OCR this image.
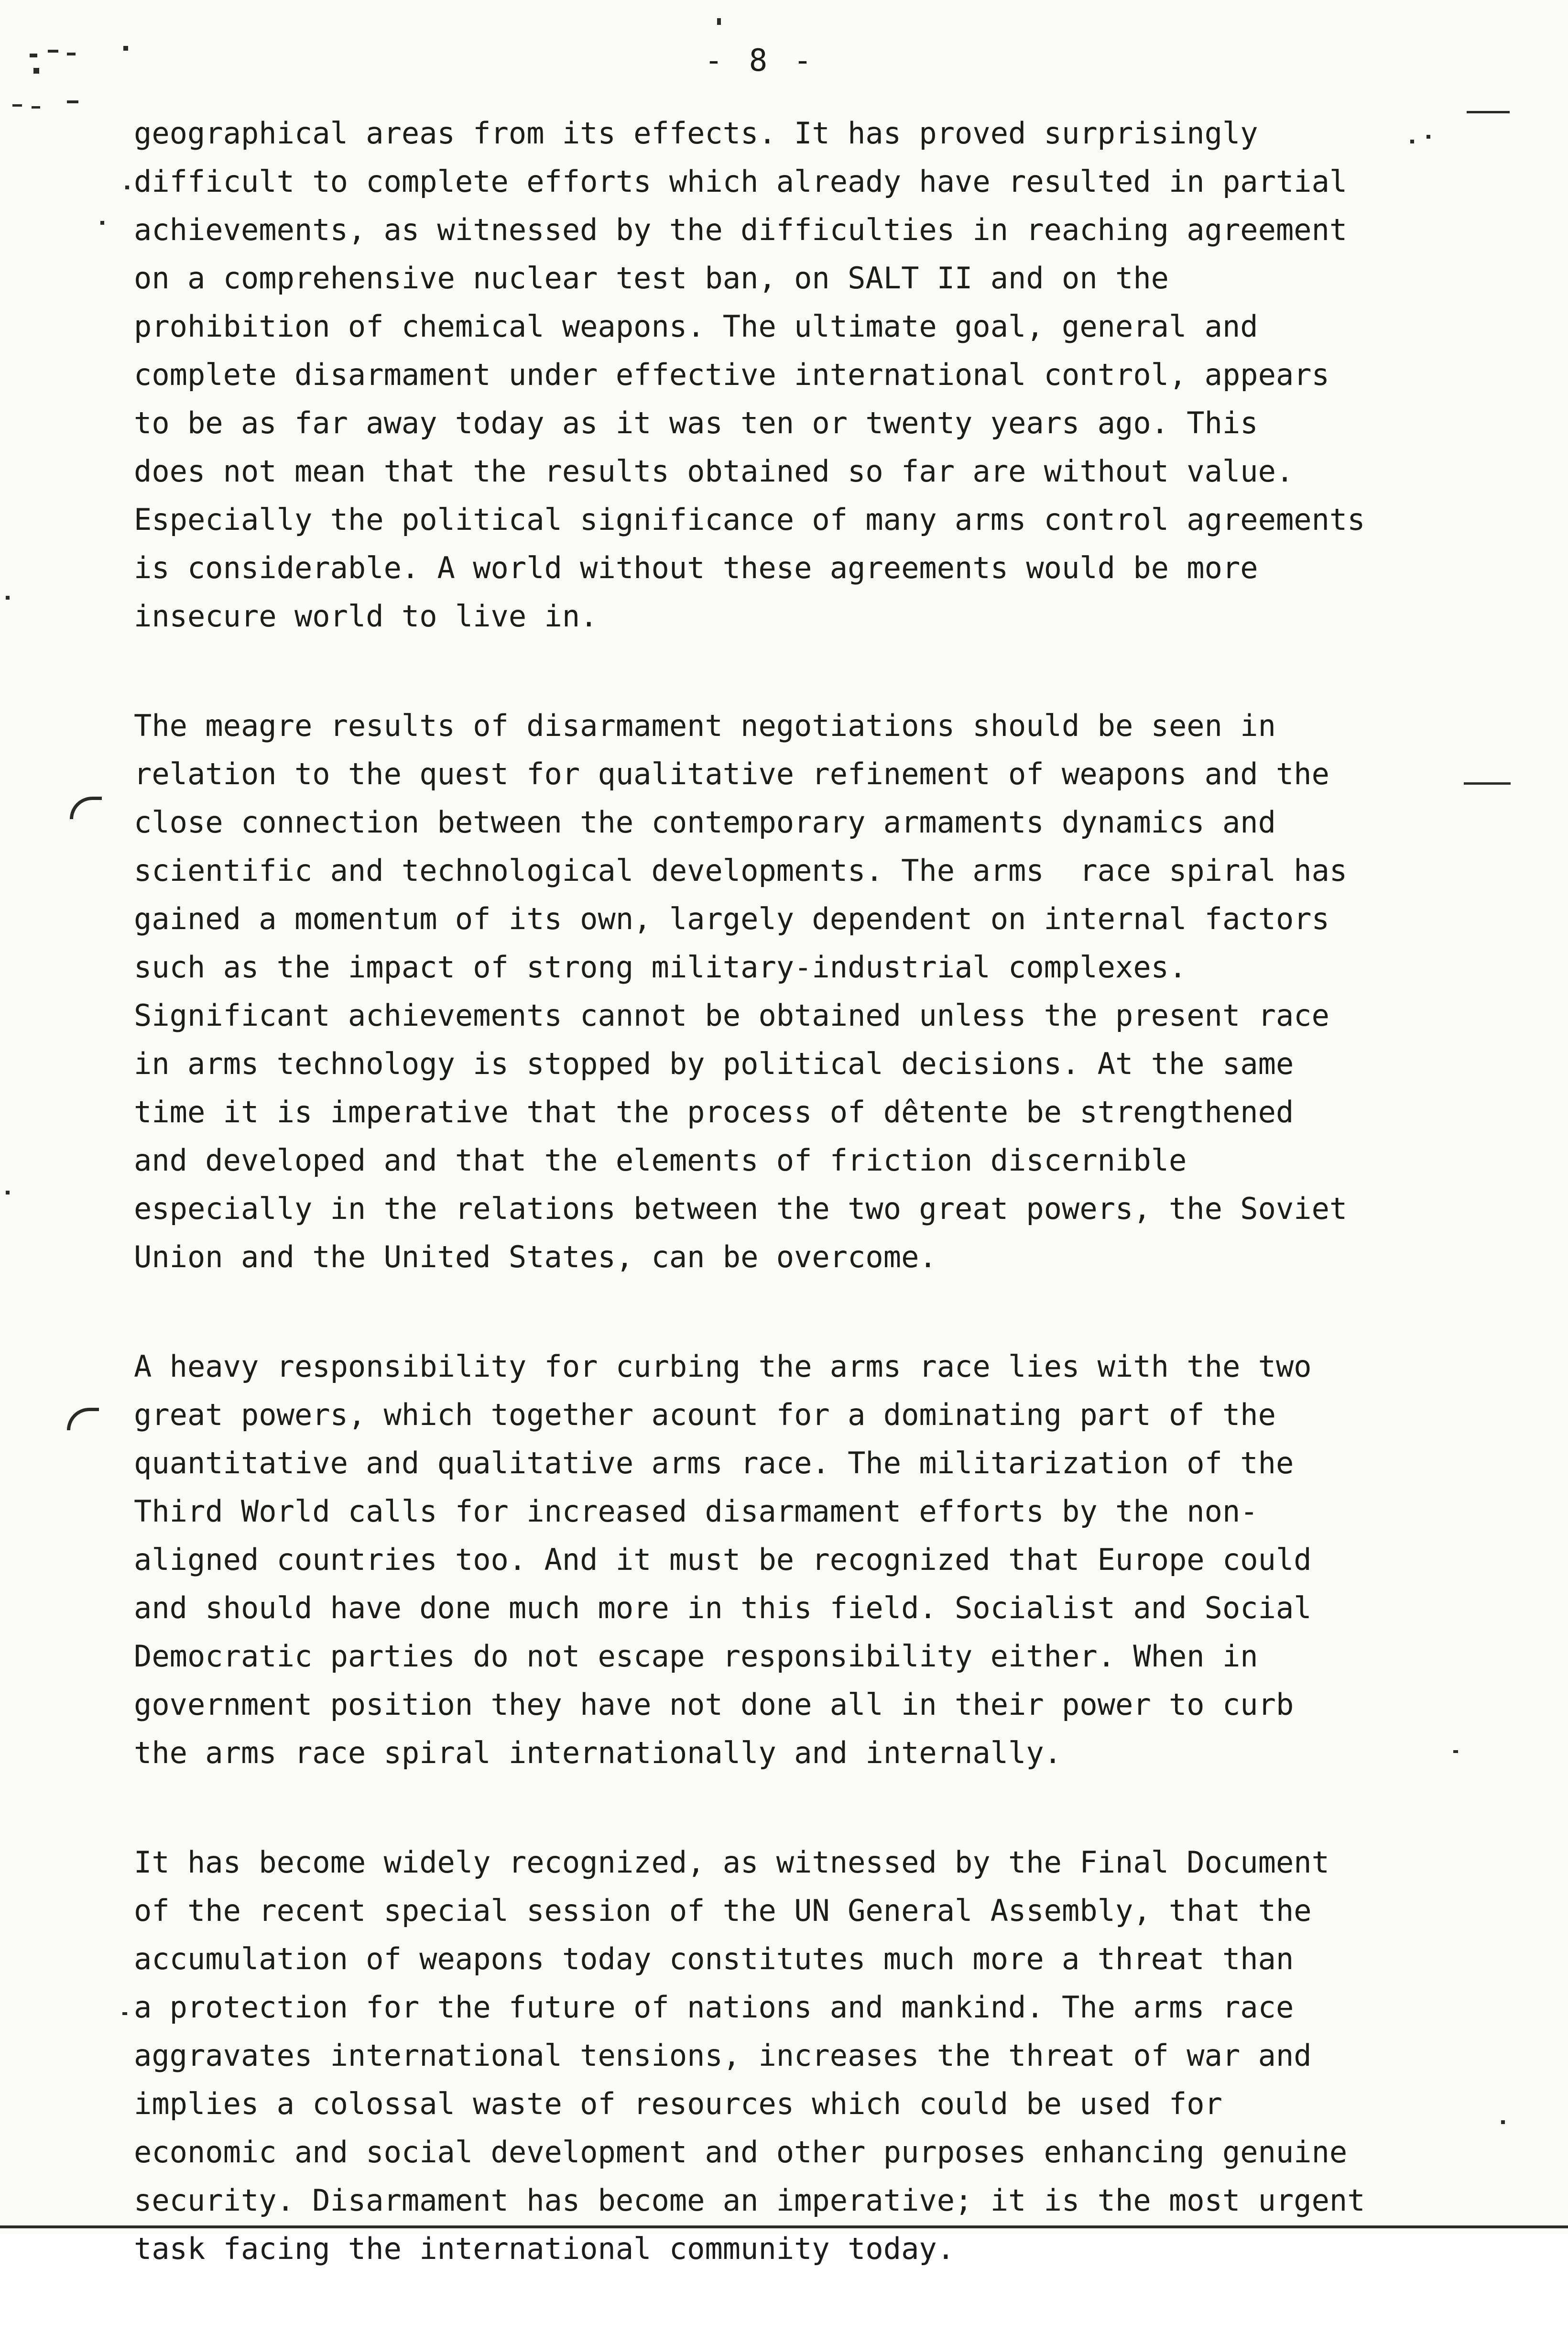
- 8 -
geographical areas from its effects. It has proved surprisingly
difficult to complete efforts which already have resulted in partial
achievements, as witnessed by the difficulties in reaching agreement
on a comprehensive nuclear test ban, on SALT II and on the
prohibition of chemical weapons. The ultimate goal, general and
complete disarmament under effective international control, appears
to be as far away today as it was ten or twenty years ago. This
does not mean that the results obtained so far are without value.
Especially the political significance of many arms control agreements
is considerable. A world without these agreements would be more
insecure world to live in.
The meagre results of disarmament negotiations should be seen in
relation to the quest for qualitative refinement of weapons and the
close connection between the contemporary armaments dynamics and
scientific and technological developments. The arms  race spiral has
gained a momentum of its own, largely dependent on internal factors
such as the impact of strong military-industrial complexes.
Significant achievements cannot be obtained unless the present race
in arms technology is stopped by political decisions. At the same
time it is imperative that the process of dêtente be strengthened
and developed and that the elements of friction discernible
especially in the relations between the two great powers, the Soviet
Union and the United States, can be overcome.
A heavy responsibility for curbing the arms race lies with the two
great powers, which together acount for a dominating part of the
quantitative and qualitative arms race. The militarization of the
Third World calls for increased disarmament efforts by the non-
aligned countries too. And it must be recognized that Europe could
and should have done much more in this field. Socialist and Social
Democratic parties do not escape responsibility either. When in
government position they have not done all in their power to curb
the arms race spiral internationally and internally.
It has become widely recognized, as witnessed by the Final Document
of the recent special session of the UN General Assembly, that the
accumulation of weapons today constitutes much more a threat than
a protection for the future of nations and mankind. The arms race
aggravates international tensions, increases the threat of war and
implies a colossal waste of resources which could be used for
economic and social development and other purposes enhancing genuine
security. Disarmament has become an imperative; it is the most urgent
task facing the international community today.
